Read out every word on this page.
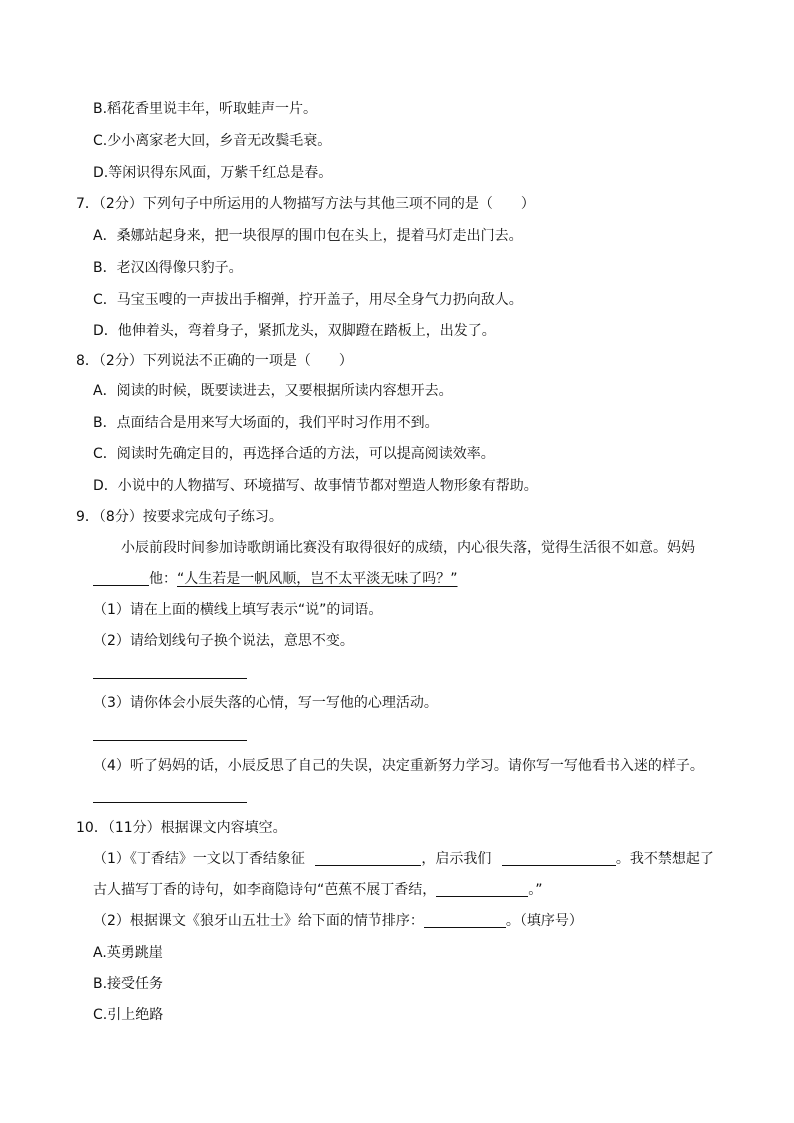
B.稻花香里说丰年，听取蛙声一片。
C.少小离家老大回，乡音无改鬓毛衰。
D.等闲识得东风面，万紫千红总是春。
7．（2分）下列句子中所运用的人物描写方法与其他三项不同的是（　　）
A．桑娜站起身来，把一块很厚的围巾包在头上，提着马灯走出门去。
B．老汉凶得像只豹子。
C．马宝玉嗖的一声拔出手榴弹，拧开盖子，用尽全身气力扔向敌人。
D．他伸着头，弯着身子，紧抓龙头，双脚蹬在踏板上，出发了。
8．（2分）下列说法不正确的一项是（　　）
A．阅读的时候，既要读进去，又要根据所读内容想开去。
B．点面结合是用来写大场面的，我们平时习作用不到。
C．阅读时先确定目的，再选择合适的方法，可以提高阅读效率。
D．小说中的人物描写、环境描写、故事情节都对塑造人物形象有帮助。
9．（8分）按要求完成句子练习。
小辰前段时间参加诗歌朗诵比赛没有取得很好的成绩，内心很失落，觉得生活很不如意。妈妈
他：“人生若是一帆风顺，岂不太平淡无味了吗？”
（1）请在上面的横线上填写表示“说”的词语。
（2）请给划线句子换个说法，意思不变。
（3）请你体会小辰失落的心情，写一写他的心理活动。
（4）听了妈妈的话，小辰反思了自己的失误，决定重新努力学习。请你写一写他看书入迷的样子。
10．（11分）根据课文内容填空。
（1）《丁香结》一文以丁香结象征	，启示我们	。我不禁想起了
古人描写丁香的诗句，如李商隐诗句“芭蕉不展丁香结，	。”
（2）根据课文《狼牙山五壮士》给下面的情节排序：	。（填序号）
A.英勇跳崖
B.接受任务
C.引上绝路
